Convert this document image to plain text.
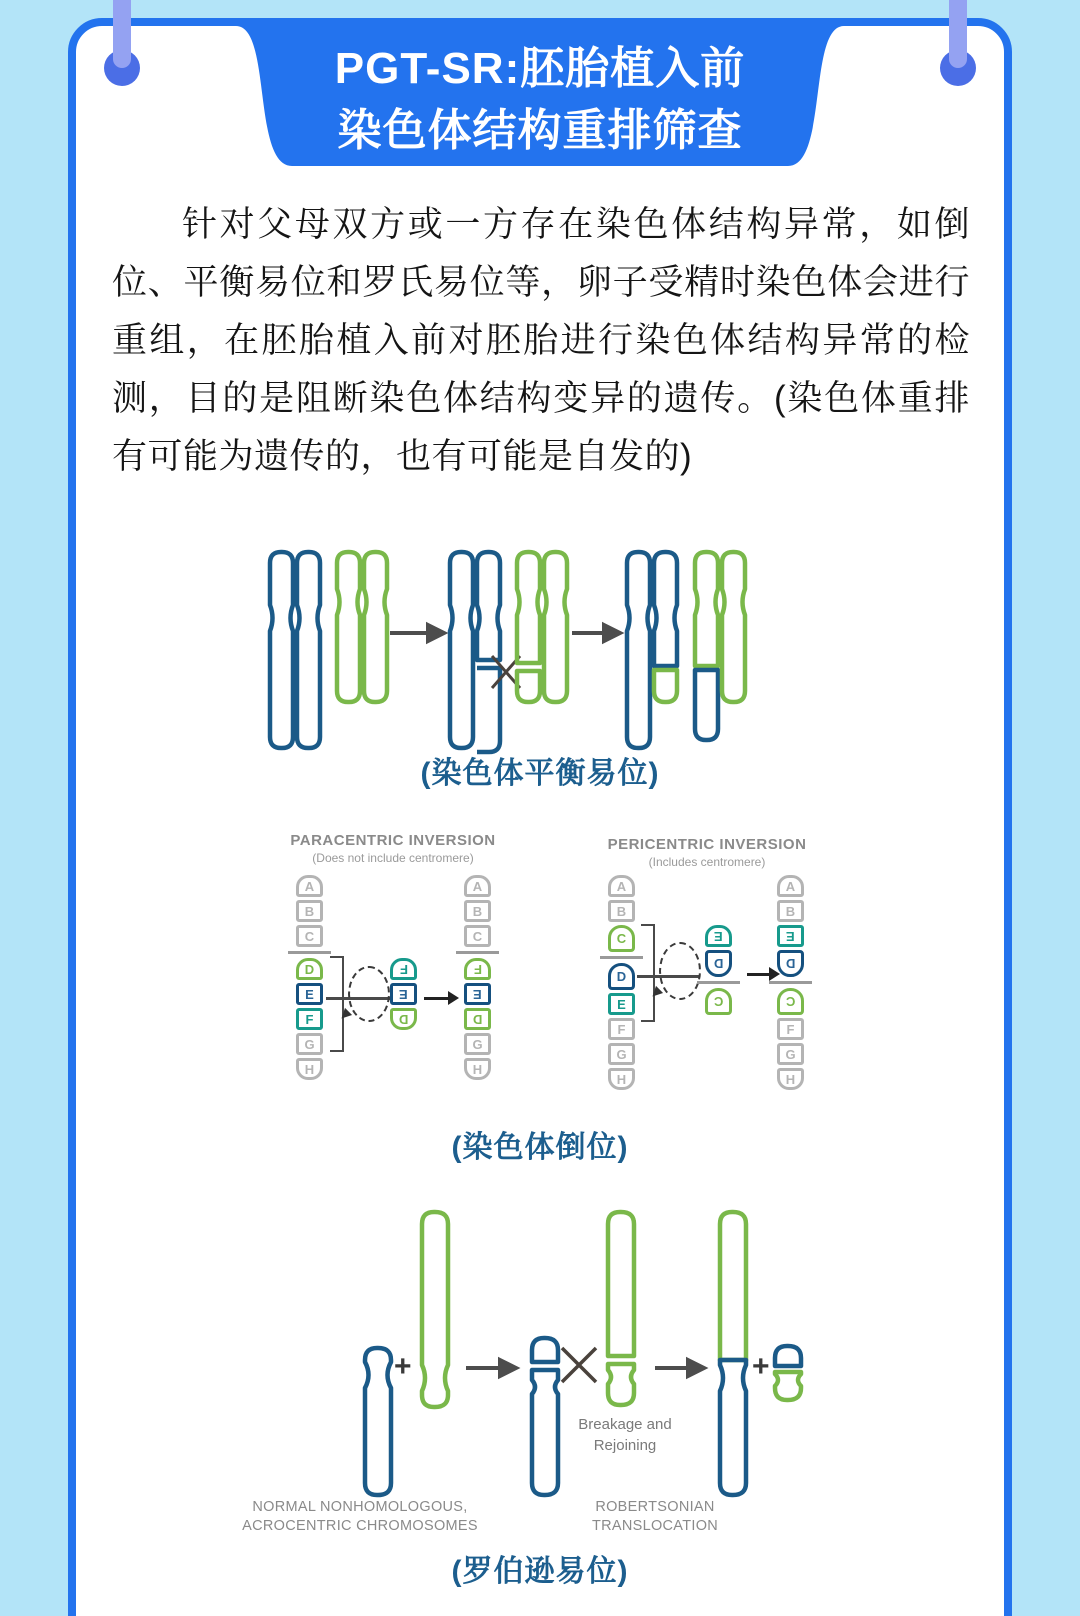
PGT-SR:胚胎植入前
染色体结构重排筛查

针对父母双方或一方存在染色体结构异常，如倒位、平衡易位和罗氏易位等，卵子受精时染色体会进行重组，在胚胎植入前对胚胎进行染色体结构异常的检测，目的是阻断染色体结构变异的遗传。(染色体重排有可能为遗传的，也有可能是自发的)

(染色体平衡易位)
PARACENTRIC INVERSION
(Does not include centromere)
PERICENTRIC INVERSION
(Includes centromere)
A
B
C
D
E
F
G
H
F
E
D
A
B
C
F
E
D
G
H
A
B
C
D
E
F
G
H
E
D
C
A
B
E
D
C
F
G
H
(染色体倒位)
+	+
Breakage and
Rejoining
NORMAL NONHOMOLOGOUS,
ACROCENTRIC CHROMOSOMES
ROBERTSONIAN
TRANSLOCATION
(罗伯逊易位)
